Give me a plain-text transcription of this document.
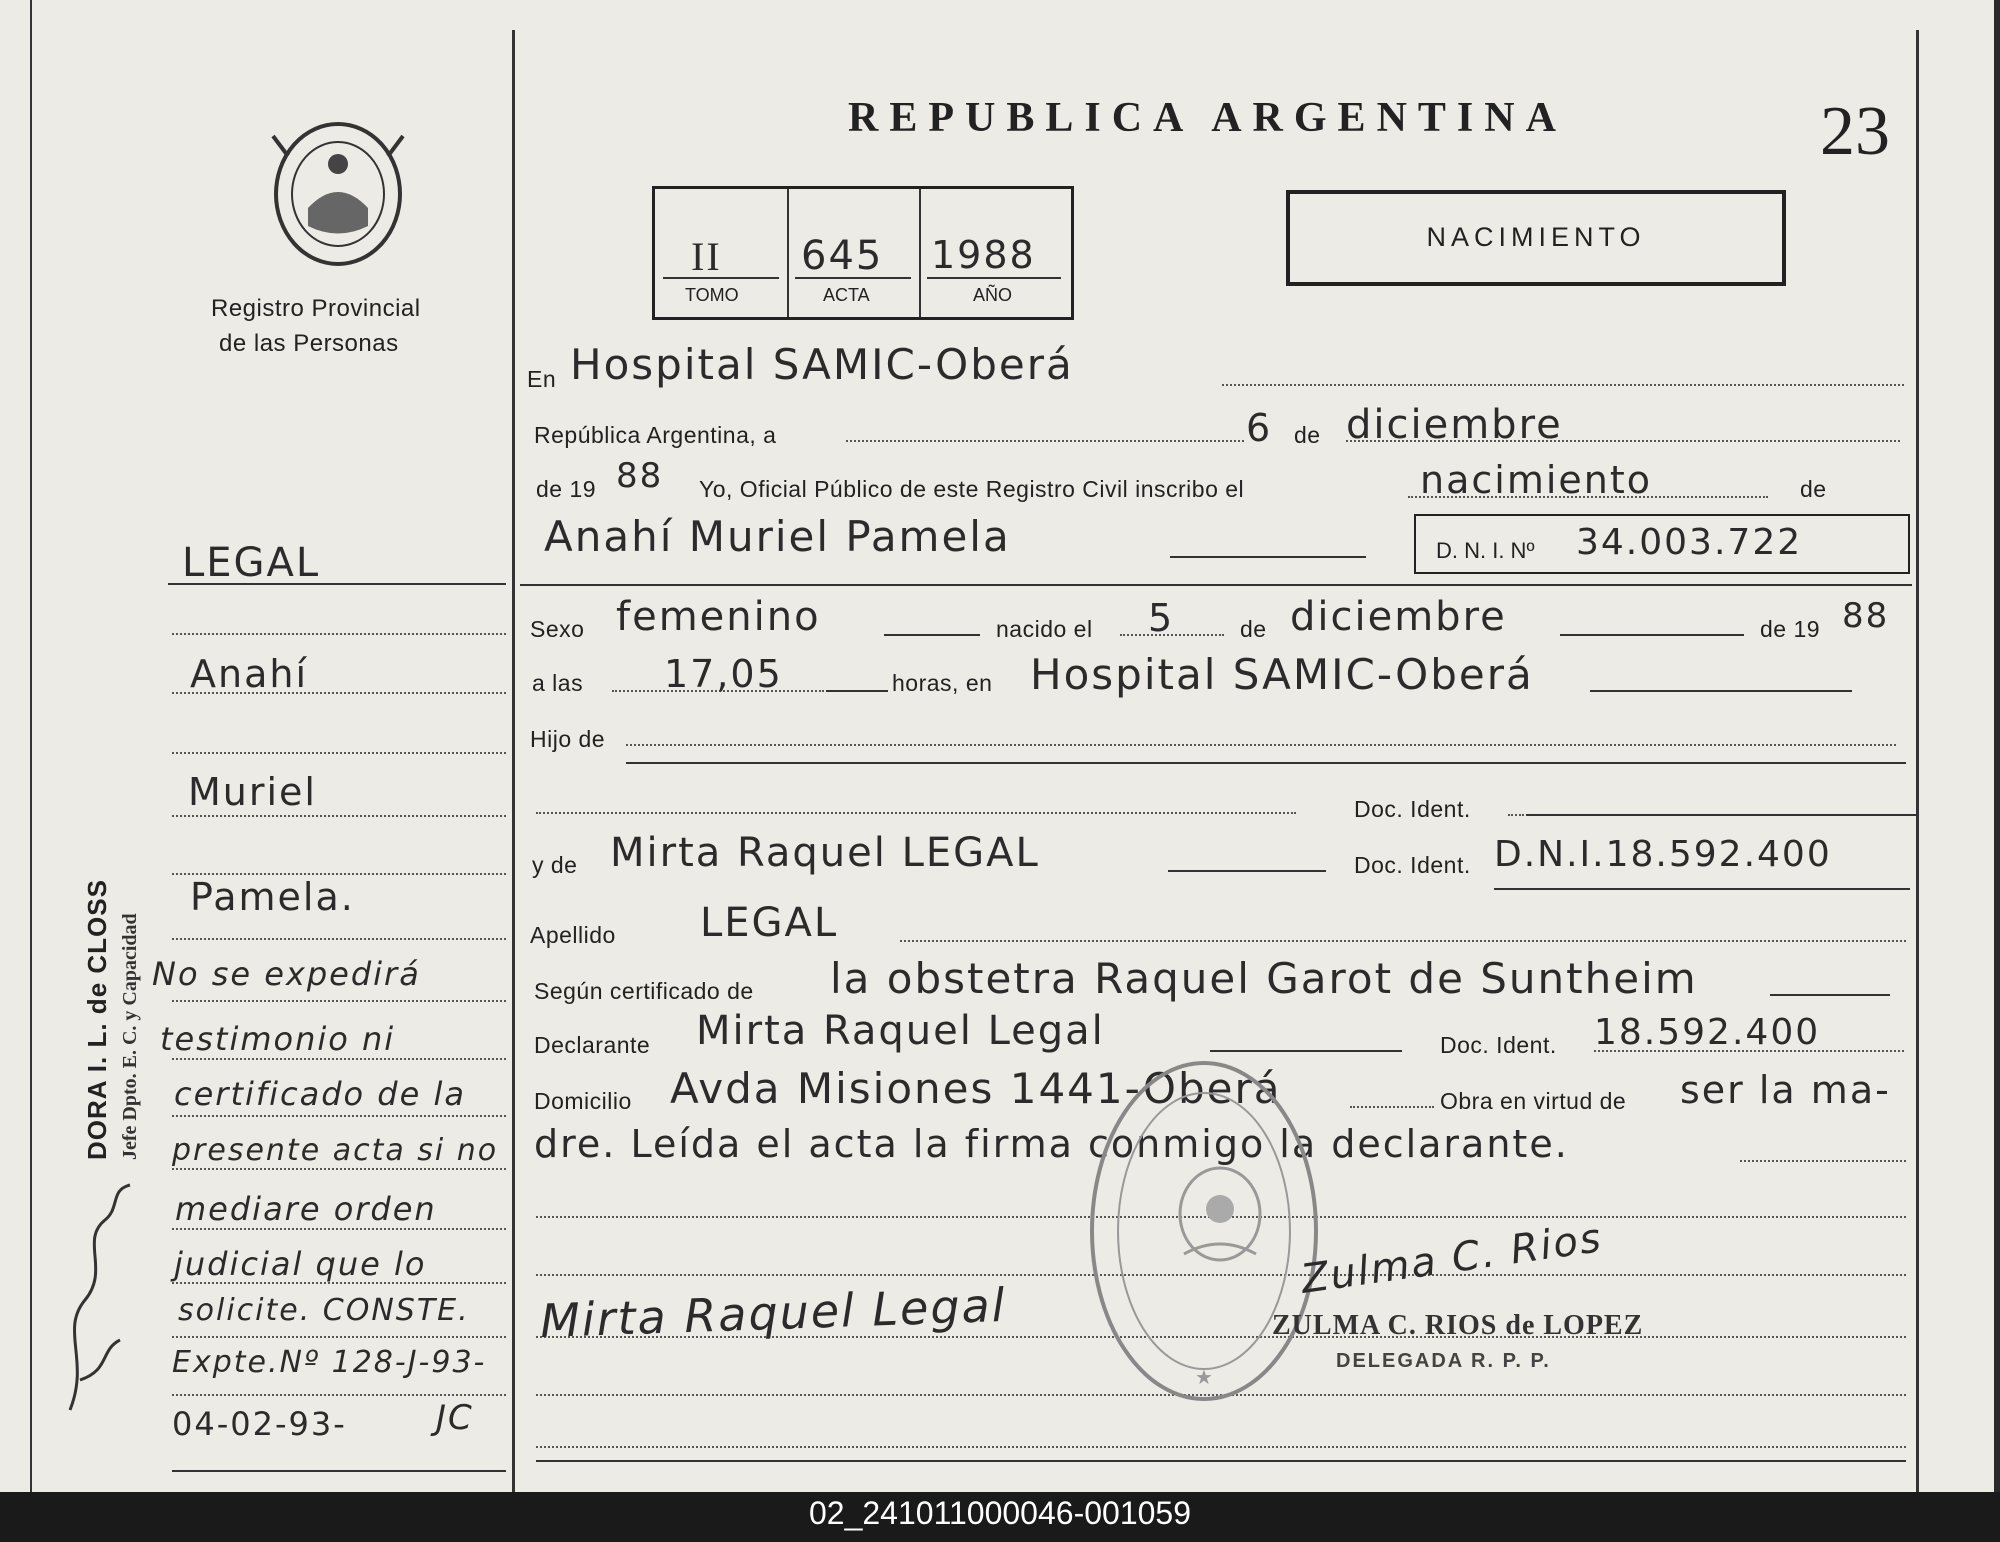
Registro Provincial
de las Personas
LEGAL
Anahí
Muriel
Pamela.
No se expedirá
testimonio ni
certificado de la
presente acta si no
mediare orden
judicial que lo
solicite. CONSTE.
Expte.Nº 128-J-93-
04-02-93-	JC
DORA I. L. de CLOSS Jefe Dpto. E. C. y Capacidad
REPUBLICA ARGENTINA	23
II
TOMO
645
ACTA
1988
AÑO
NACIMIENTO
En Hospital SAMIC-Oberá
República Argentina, a	6 de diciembre
de 19 88 Yo, Oficial Público de este Registro Civil inscribo el	nacimiento	de
Anahí Muriel Pamela	D. N. I. Nº 34.003.722
Sexo femenino	nacido el 5	de diciembre	de 19 88
a las 17,05	horas, en Hospital SAMIC-Oberá
Hijo de
Doc. Ident.
y de Mirta Raquel LEGAL	Doc. Ident. D.N.I.18.592.400
Apellido LEGAL
Según certificado de la obstetra Raquel Garot de Suntheim
Declarante Mirta Raquel Legal	Doc. Ident. 18.592.400
Domicilio Avda Misiones 1441-Oberá	Obra en virtud de ser la ma-
dre. Leída el acta la firma conmigo la declarante.
★
Mirta Raquel Legal
Zulma C. Rios
ZULMA C. RIOS de LOPEZ
DELEGADA R. P. P.
02_241011000046-001059
